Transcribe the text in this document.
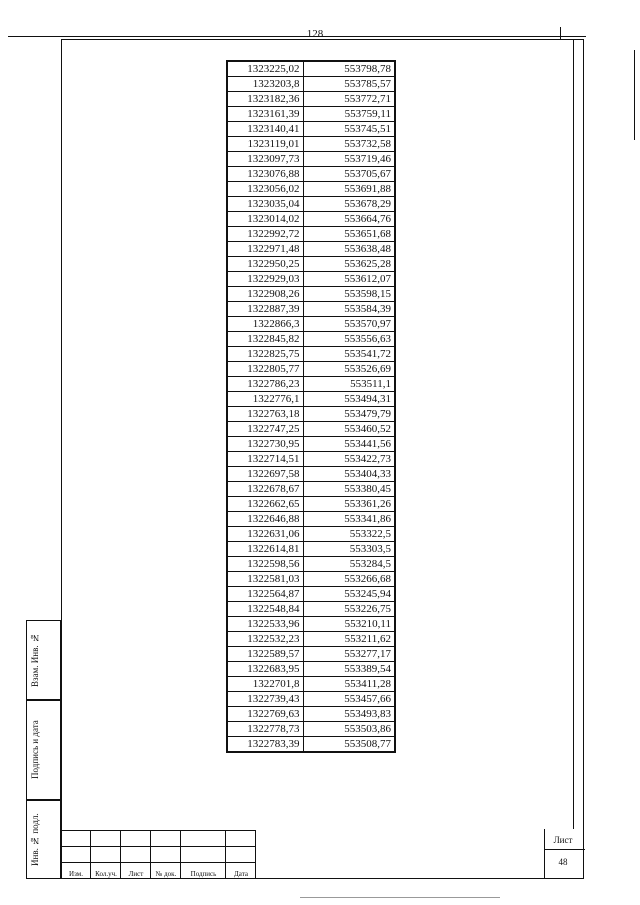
128
1323225,02	553798,78
1323203,8	553785,57
1323182,36	553772,71
1323161,39	553759,11
1323140,41	553745,51
1323119,01	553732,58
1323097,73	553719,46
1323076,88	553705,67
1323056,02	553691,88
1323035,04	553678,29
1323014,02	553664,76
1322992,72	553651,68
1322971,48	553638,48
1322950,25	553625,28
1322929,03	553612,07
1322908,26	553598,15
1322887,39	553584,39
1322866,3	553570,97
1322845,82	553556,63
1322825,75	553541,72
1322805,77	553526,69
1322786,23	553511,1
1322776,1	553494,31
1322763,18	553479,79
1322747,25	553460,52
1322730,95	553441,56
1322714,51	553422,73
1322697,58	553404,33
1322678,67	553380,45
1322662,65	553361,26
1322646,88	553341,86
1322631,06	553322,5
1322614,81	553303,5
1322598,56	553284,5
1322581,03	553266,68
1322564,87	553245,94
1322548,84	553226,75
1322533,96	553210,11
1322532,23	553211,62
1322589,57	553277,17
1322683,95	553389,54
1322701,8	553411,28
1322739,43	553457,66
1322769,63	553493,83
1322778,73	553503,86
1322783,39	553508,77
Взам. Инв. №
Подпись и дата
Инв. № подл.
Изм.	Кол.уч.	Лист	№ док.	Подпись	Дата
Лист
48
